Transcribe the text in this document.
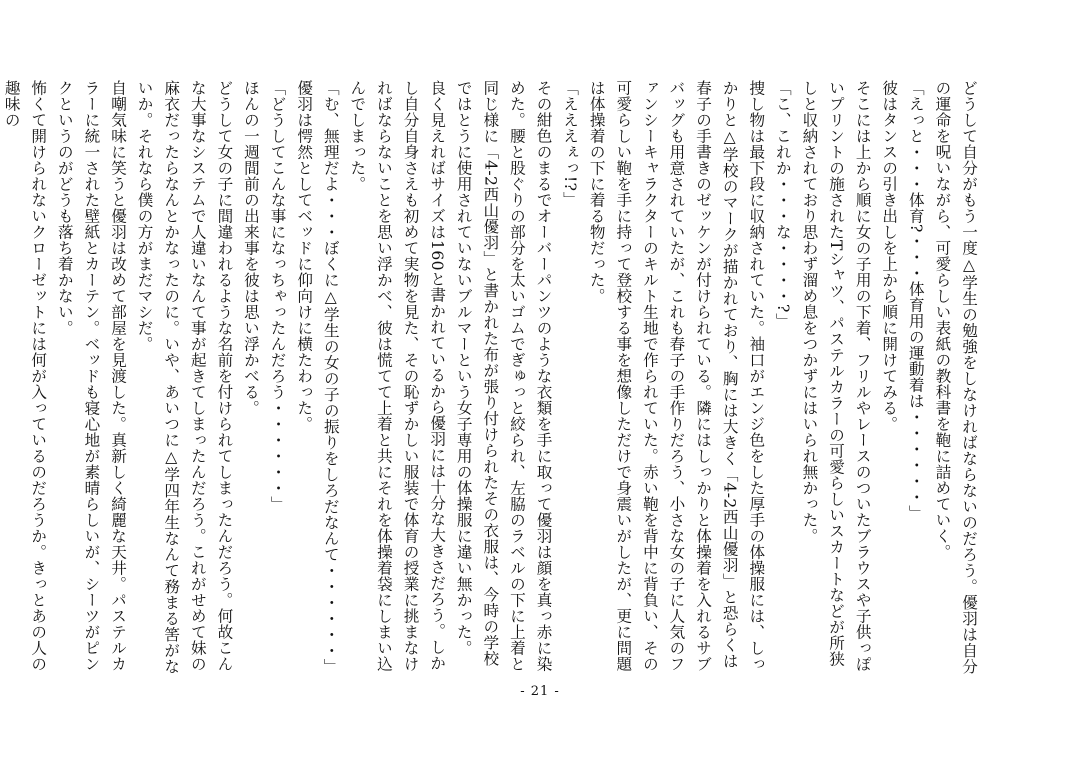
どうして自分がもう一度△学生の勉強をしなければならないのだろう。優羽は自分の運命を呪いながら、可愛らしい表紙の教科書を鞄に詰めていく。

「えっと・・・体育?・・・体育用の運動着は・・・・・・」

彼はタンスの引き出しを上から順に開けてみる。

そこには上から順に女の子用の下着、フリルやレースのついたブラウスや子供っぽいプリントの施されたTシャツ、パステルカラーの可愛らしいスカートなどが所狭しと収納されており思わず溜め息をつかずにはいられ無かった。

「こ、これか・・・な・・・・?」

捜し物は最下段に収納されていた。袖口がエンジ色をした厚手の体操服には、しっかりと△学校のマークが描かれており、胸には大きく「4-2西山優羽」と恐らくは春子の手書きのゼッケンが付けられている。隣にはしっかりと体操着を入れるサブバッグも用意されていたが、これも春子の手作りだろう、小さな女の子に人気のファンシーキャラクターのキルト生地で作られていた。赤い鞄を背中に背負い、その可愛らしい鞄を手に持って登校する事を想像しただけで身震いがしたが、更に問題は体操着の下に着る物だった。

「えええぇっ!?」

その紺色のまるでオーバーパンツのような衣類を手に取って優羽は顔を真っ赤に染めた。腰と股ぐりの部分を太いゴムでぎゅっと絞られ、左脇のラベルの下に上着と同じ様に「4-2西山優羽」と書かれた布が張り付けられたその衣服は、今時の学校ではとうに使用されていないブルマーという女子専用の体操服に違い無かった。

良く見えればサイズは160と書かれているから優羽には十分な大きさだろう。しかし自分自身さえも初めて実物を見た、その恥ずかしい服装で体育の授業に挑まなければならないことを思い浮かべ、彼は慌てて上着と共にそれを体操着袋にしまい込んでしまった。

「む、無理だよ・・・ぼくに△学生の女の子の振りをしろだなんて・・・・・・」

優羽は愕然としてベッドに仰向けに横たわった。

「どうしてこんな事になっちゃったんだろう・・・・・・」

ほんの一週間前の出来事を彼は思い浮かべる。

どうして女の子に間違われるような名前を付けられてしまったんだろう。何故こんな大事なシステムで人違いなんて事が起きてしまったんだろう。これがせめて妹の麻衣だったらなんとかなったのに。いや、あいつに△学四年生なんて務まる筈がないか。それなら僕の方がまだマシだ。

自嘲気味に笑うと優羽は改めて部屋を見渡した。真新しく綺麗な天井。パステルカラーに統一された壁紙とカーテン。ベッドも寝心地が素晴らしいが、シーツがピンクというのがどうも落ち着かない。

怖くて開けられないクローゼットには何が入っているのだろうか。きっとあの人の趣味の

- 21 -
